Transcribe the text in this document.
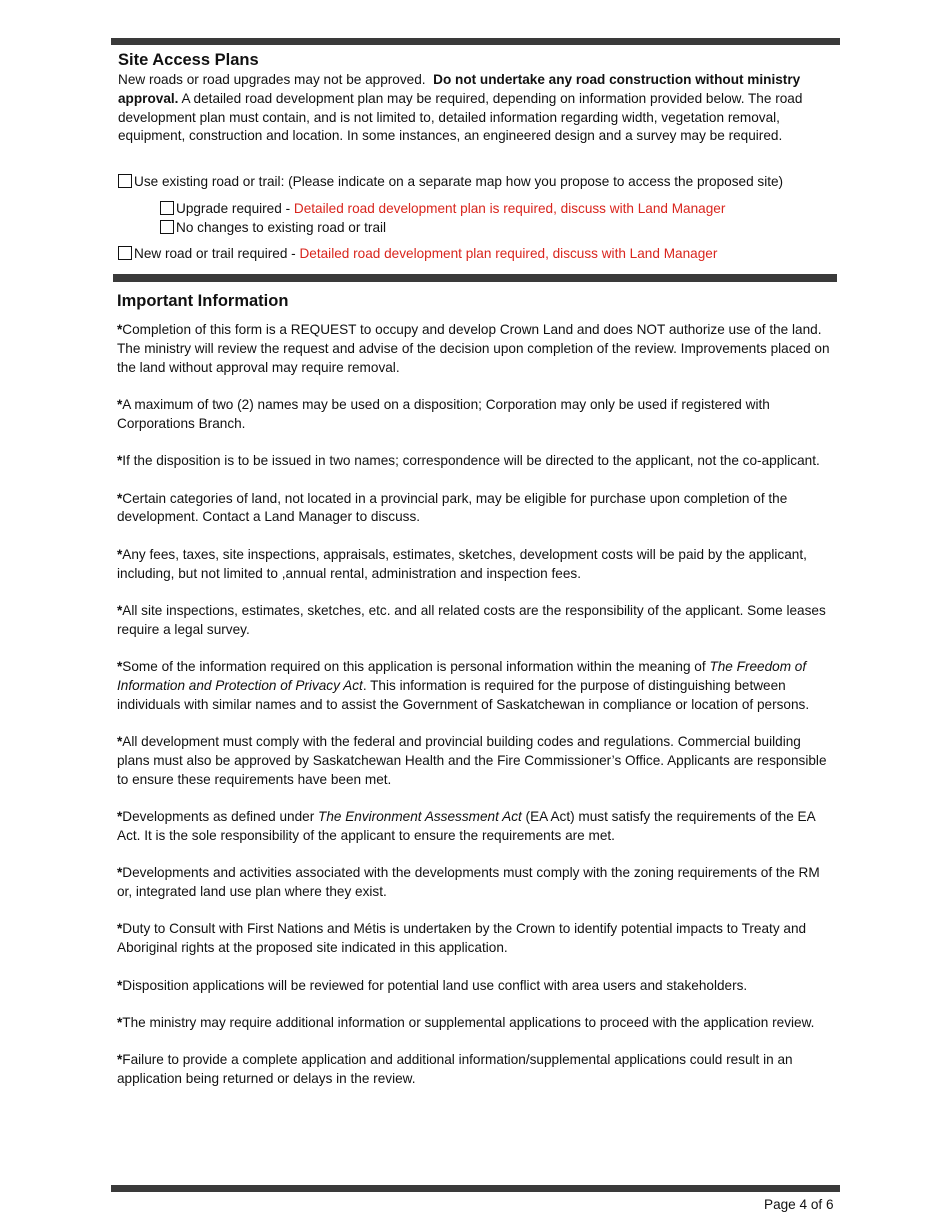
Site Access Plans
New roads or road upgrades may not be approved. Do not undertake any road construction without ministry approval. A detailed road development plan may be required, depending on information provided below. The road development plan must contain, and is not limited to, detailed information regarding width, vegetation removal, equipment, construction and location. In some instances, an engineered design and a survey may be required.
Use existing road or trail: (Please indicate on a separate map how you propose to access the proposed site)
Upgrade required - Detailed road development plan is required, discuss with Land Manager
No changes to existing road or trail
New road or trail required - Detailed road development plan required, discuss with Land Manager
Important Information

*Completion of this form is a REQUEST to occupy and develop Crown Land and does NOT authorize use of the land. The ministry will review the request and advise of the decision upon completion of the review. Improvements placed on the land without approval may require removal.

*A maximum of two (2) names may be used on a disposition; Corporation may only be used if registered with Corporations Branch.

*If the disposition is to be issued in two names; correspondence will be directed to the applicant, not the co-applicant.

*Certain categories of land, not located in a provincial park, may be eligible for purchase upon completion of the development. Contact a Land Manager to discuss.

*Any fees, taxes, site inspections, appraisals, estimates, sketches, development costs will be paid by the applicant, including, but not limited to ,annual rental, administration and inspection fees.

*All site inspections, estimates, sketches, etc. and all related costs are the responsibility of the applicant. Some leases require a legal survey.

*Some of the information required on this application is personal information within the meaning of The Freedom of Information and Protection of Privacy Act. This information is required for the purpose of distinguishing between individuals with similar names and to assist the Government of Saskatchewan in compliance or location of persons.

*All development must comply with the federal and provincial building codes and regulations. Commercial building plans must also be approved by Saskatchewan Health and the Fire Commissioner’s Office. Applicants are responsible to ensure these requirements have been met.

*Developments as defined under The Environment Assessment Act (EA Act) must satisfy the requirements of the EA Act. It is the sole responsibility of the applicant to ensure the requirements are met.

*Developments and activities associated with the developments must comply with the zoning requirements of the RM or, integrated land use plan where they exist.

*Duty to Consult with First Nations and Métis is undertaken by the Crown to identify potential impacts to Treaty and Aboriginal rights at the proposed site indicated in this application.

*Disposition applications will be reviewed for potential land use conflict with area users and stakeholders.

*The ministry may require additional information or supplemental applications to proceed with the application review.

*Failure to provide a complete application and additional information/supplemental applications could result in an application being returned or delays in the review.

Page 4 of 6
